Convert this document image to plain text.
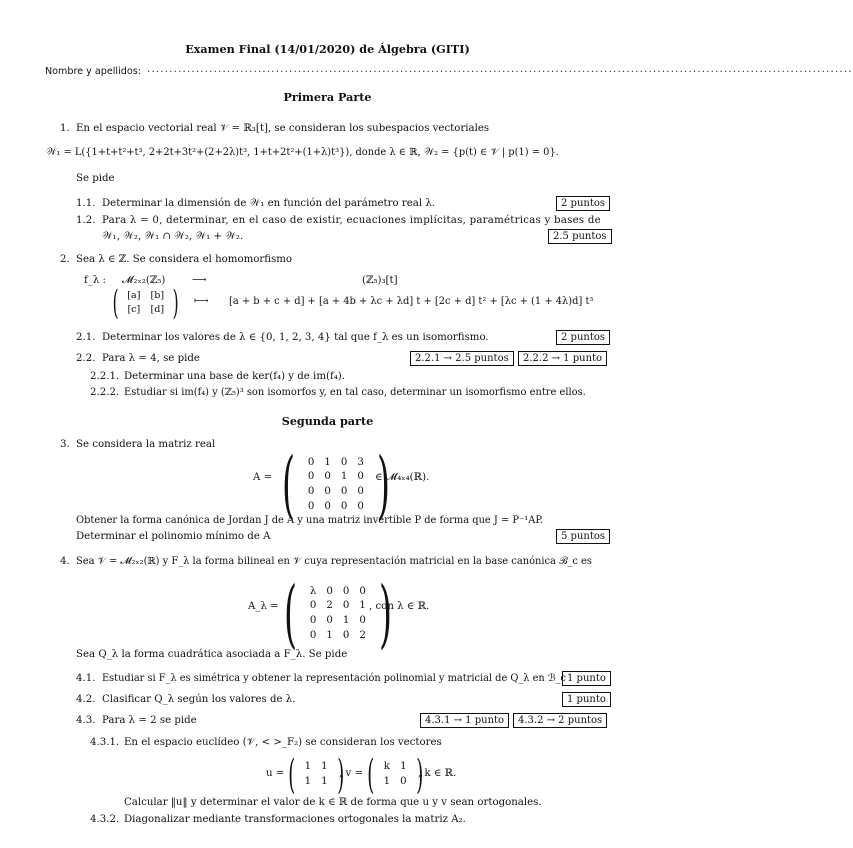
Examen Final (14/01/2020) de Álgebra (GITI)
Nombre y apellidos: ...............................................................................................................................................................
Primera Parte
1. En el espacio vectorial real 𝒱 = ℝ₃[t], se consideran los subespacios vectoriales
𝒲₁ = L({1+t+t²+t³, 2+2t+3t²+(2+2λ)t³, 1+t+2t²+(1+λ)t³}), donde λ ∈ ℝ, 𝒲₂ = {p(t) ∈ 𝒱 | p(1) = 0}.
Se pide
1.1. Determinar la dimensión de 𝒲₁ en función del parámetro real λ.	2 puntos
1.2. Para λ = 0, determinar, en el caso de existir, ecuaciones implícitas, paramétricas y bases de
𝒲₁, 𝒲₂, 𝒲₁ ∩ 𝒲₂, 𝒲₁ + 𝒲₂.	2.5 puntos
2. Sea λ ∈ ℤ. Se considera el homomorfismo
f_λ : 𝓜₂ₓ₂(ℤ₅)	⟶	(ℤ₅)₃[t]
( [a]	[b]
[c]	[d] ) ⟼ [a + b + c + d] + [a + 4b + λc + λd] t + [2c + d] t² + [λc + (1 + 4λ)d] t³
2.1. Determinar los valores de λ ∈ {0, 1, 2, 3, 4} tal que f_λ es un isomorfismo.	2 puntos
2.2. Para λ = 4, se pide	2.2.1 → 2.5 puntos	2.2.2 → 1 punto
2.2.1. Determinar una base de ker(f₄) y de im(f₄).
2.2.2. Estudiar si im(f₄) y (ℤ₅)³ son isomorfos y, en tal caso, determinar un isomorfismo entre ellos.
Segunda parte
3. Se considera la matriz real
A = (	0 1 0 3
0 0 1 0
0 0 0 0
0 0 0 0 )
∈ 𝓜₄ₓ₄(ℝ).
Obtener la forma canónica de Jordan J de A y una matriz invertible P de forma que J = P⁻¹AP.
Determinar el polinomio mínimo de A	5 puntos
4. Sea 𝒱 = 𝓜₂ₓ₂(ℝ) y F_λ la forma bilineal en 𝒱 cuya representación matricial en la base canónica ℬ_c es
A_λ = (	λ 0 0 0
0 2 0 1
0 0 1 0
0 1 0 2 )
, con λ ∈ ℝ.
Sea Q_λ la forma cuadrática asociada a F_λ. Se pide
4.1. Estudiar si F_λ es simétrica y obtener la representación polinomial y matricial de Q_λ en ℬ_c 1 punto
4.2. Clasificar Q_λ según los valores de λ.	1 punto
4.3. Para λ = 2 se pide	4.3.1 → 1 punto	4.3.2 → 2 puntos
4.3.1. En el espacio euclídeo (𝒱, < >_F₂) se consideran los vectores
u = ( 1 1
1 1 )
, v = ( k 1
1 0 )
, k ∈ ℝ.
Calcular ‖u‖ y determinar el valor de k ∈ ℝ de forma que u y v sean ortogonales.
4.3.2. Diagonalizar mediante transformaciones ortogonales la matriz A₂.
